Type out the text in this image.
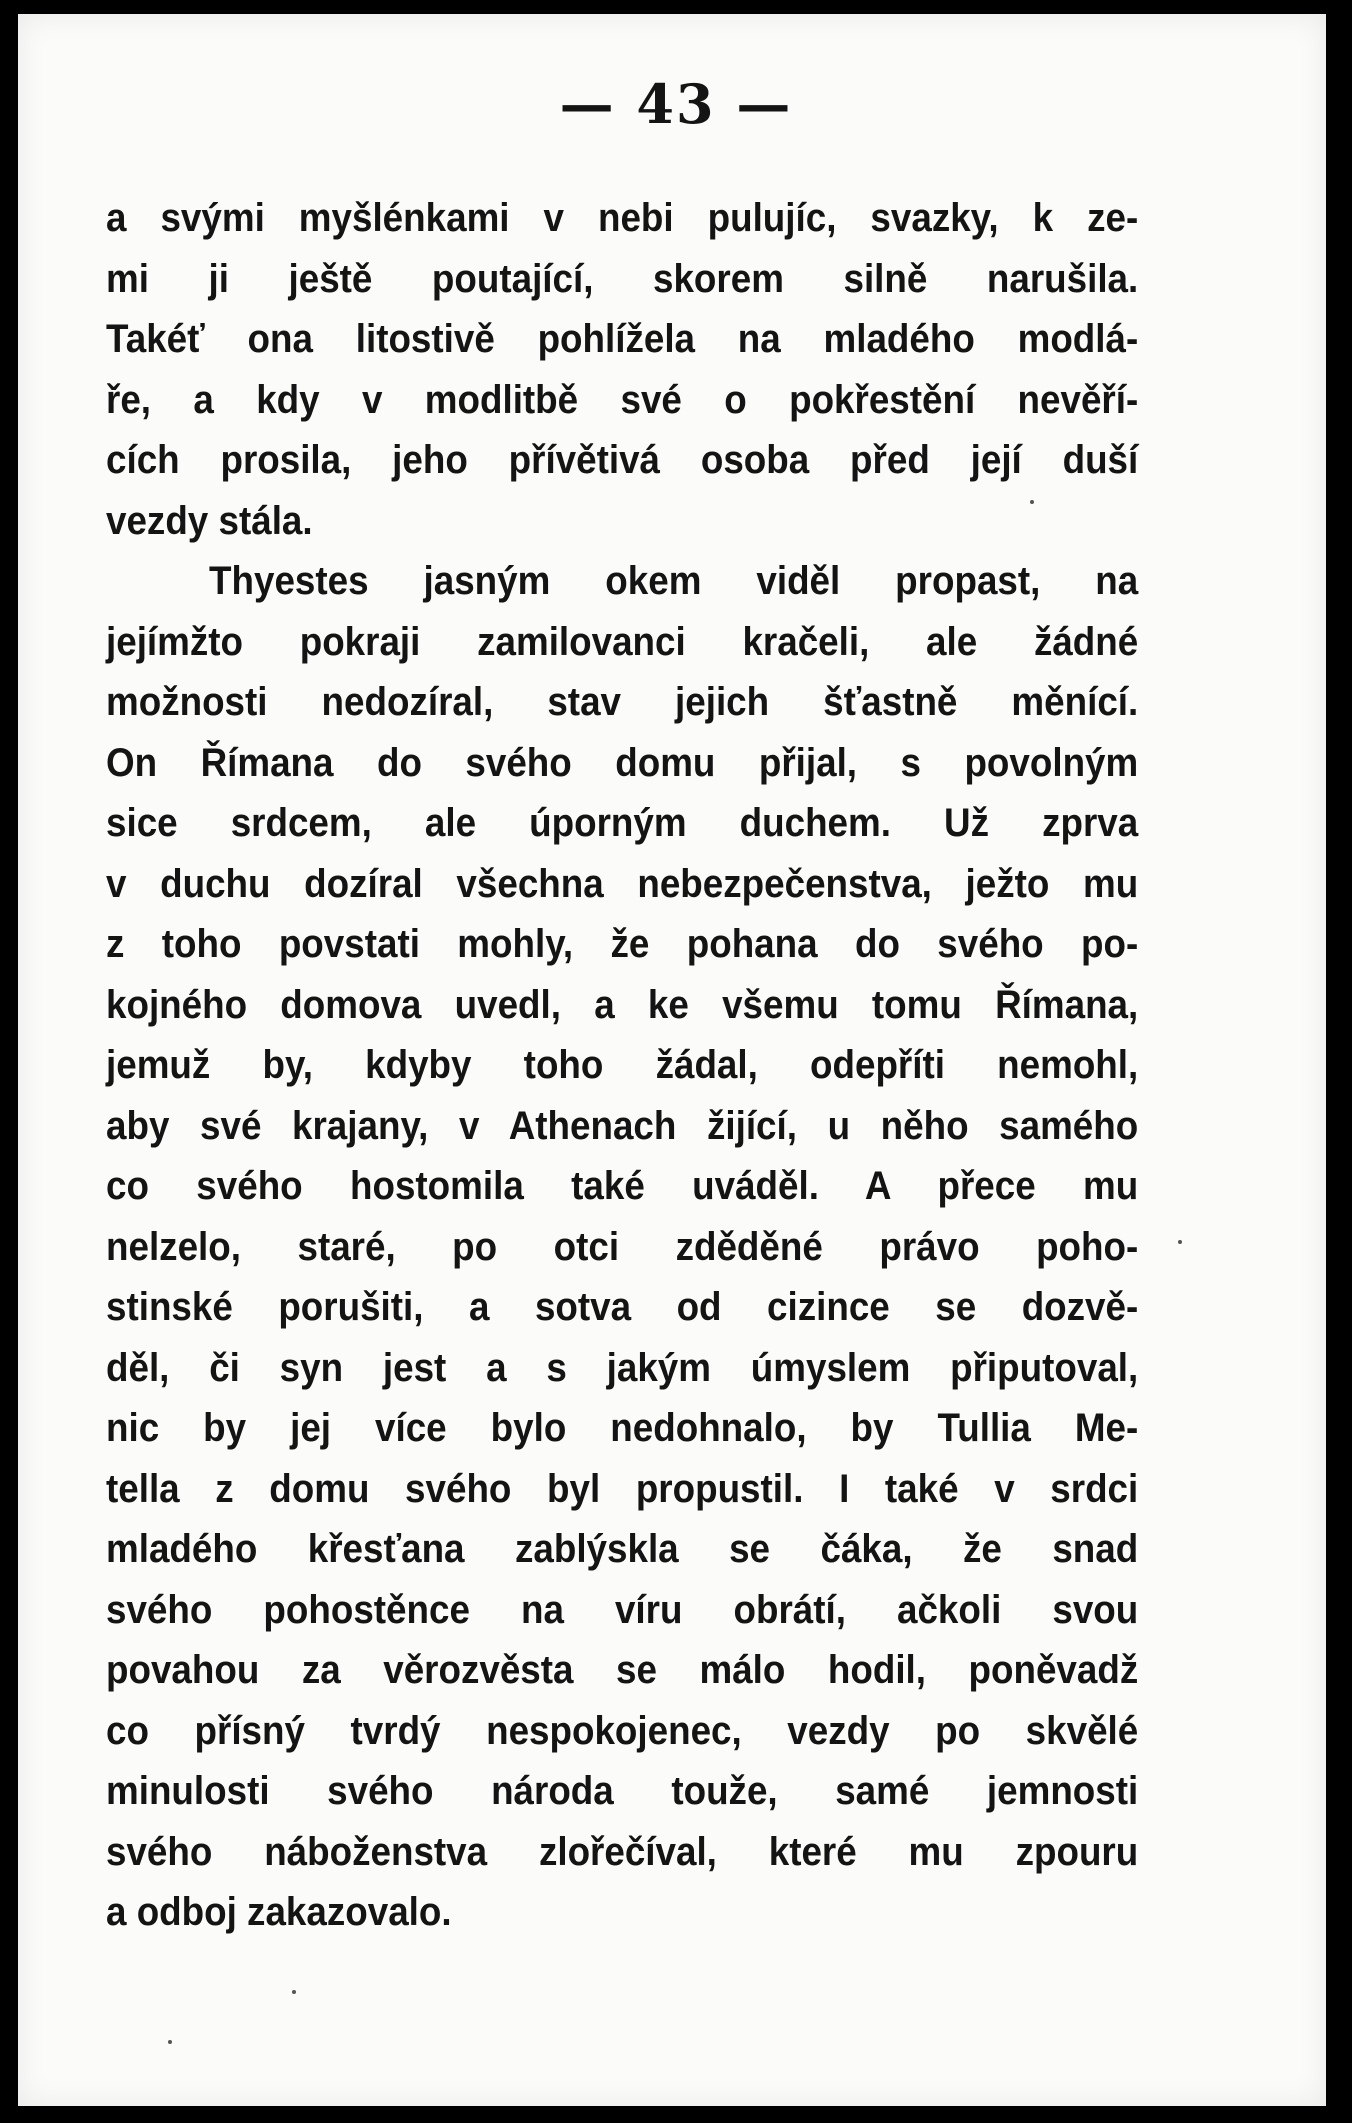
— 43 —
a svými myšlénkami v nebi pulujíc, svazky, k ze-
mi ji ještě poutající, skorem silně narušila.
Takéť ona litostivě pohlížela na mladého modlá-
ře, a kdy v modlitbě své o pokřestění nevěří-
cích prosila, jeho přívětivá osoba před její duší
vezdy stála.
Thyestes jasným okem viděl propast, na
jejímžto pokraji zamilovanci kračeli, ale žádné
možnosti nedozíral, stav jejich šťastně měnící.
On Římana do svého domu přijal, s povolným
sice srdcem, ale úporným duchem. Už zprva
v duchu dozíral všechna nebezpečenstva, ježto mu
z toho povstati mohly, že pohana do svého po-
kojného domova uvedl, a ke všemu tomu Římana,
jemuž by, kdyby toho žádal, odepříti nemohl,
aby své krajany, v Athenach žijící, u něho samého
co svého hostomila také uváděl. A přece mu
nelzelo, staré, po otci zděděné právo poho-
stinské porušiti, a sotva od cizince se dozvě-
děl, či syn jest a s jakým úmyslem připutoval,
nic by jej více bylo nedohnalo, by Tullia Me-
tella z domu svého byl propustil. I také v srdci
mladého křesťana zablýskla se čáka, že snad
svého pohostěnce na víru obrátí, ačkoli svou
povahou za věrozvěsta se málo hodil, poněvadž
co přísný tvrdý nespokojenec, vezdy po skvělé
minulosti svého národa touže, samé jemnosti
svého náboženstva zlořečíval, které mu zpouru
a odboj zakazovalo.
